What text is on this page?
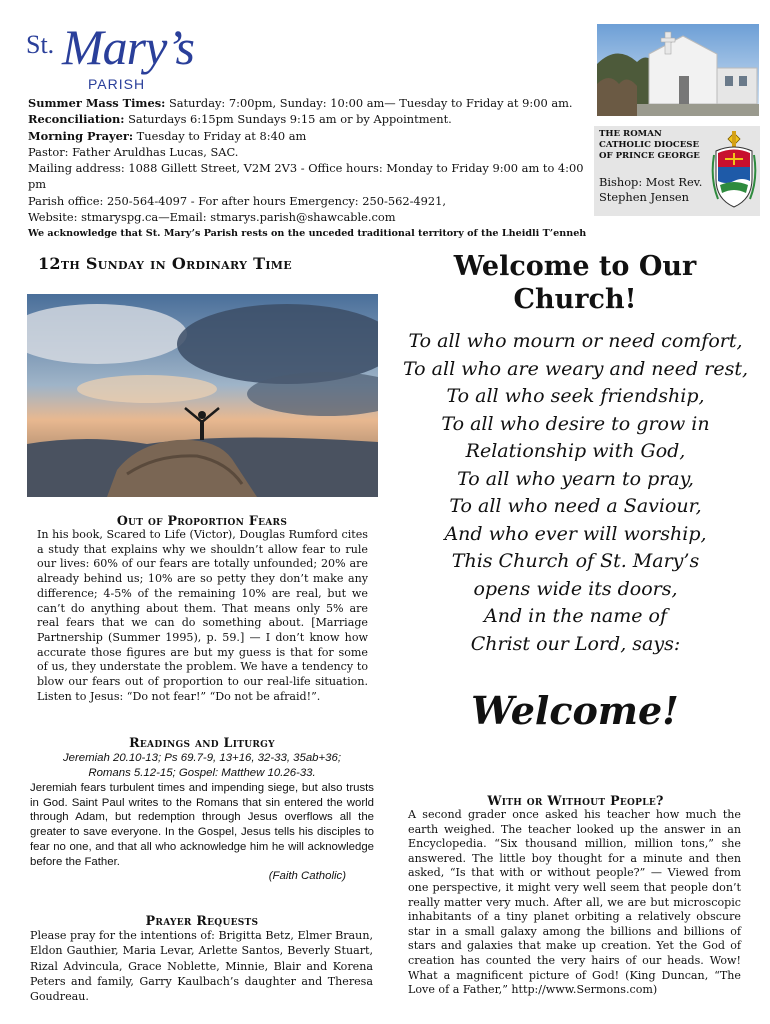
St. Mary’s
PARISH
Summer Mass Times: Saturday: 7:00pm, Sunday: 10:00 am— Tuesday to Friday at 9:00 am.
Reconciliation: Saturdays 6:15pm Sundays 9:15 am or by Appointment.
Morning Prayer: Tuesday to Friday at 8:40 am
Pastor: Father Aruldhas Lucas, SAC.
Mailing address: 1088 Gillett Street, V2M 2V3 - Office hours: Monday to Friday 9:00 am to 4:00 pm
Parish office: 250-564-4097 - For after hours Emergency: 250-562-4921,
Website: stmaryspg.ca—Email: stmarys.parish@shawcable.com
We acknowledge that St. Mary’s Parish rests on the unceded traditional territory of the Lheidli T’enneh
THE ROMAN CATHOLIC DIOCESE OF PRINCE GEORGE
Bishop: Most Rev. Stephen Jensen
12th Sunday in Ordinary Time
Out of Proportion Fears
In his book, Scared to Life (Victor), Douglas Rumford cites a study that explains why we shouldn’t allow fear to rule our lives: 60% of our fears are totally unfounded; 20% are already behind us; 10% are so petty they don’t make any difference; 4-5% of the remaining 10% are real, but we can’t do anything about them. That means only 5% are real fears that we can do something about. [Marriage Partnership (Summer 1995), p. 59.] — I don’t know how accurate those figures are but my guess is that for some of us, they understate the problem. We have a tendency to blow our fears out of proportion to our real-life situation. Listen to Jesus: “Do not fear!” “Do not be afraid!”.
Readings and Liturgy
Jeremiah 20.10-13; Ps 69.7-9, 13+16, 32-33, 35ab+36;
Romans 5.12-15; Gospel: Matthew 10.26-33.
Jeremiah fears turbulent times and impending siege, but also trusts in God. Saint Paul writes to the Romans that sin entered the world through Adam, but redemption through Jesus overflows all the greater to save everyone. In the Gospel, Jesus tells his disciples to fear no one, and that all who acknowledge him he will acknowledge before the Father.
(Faith Catholic)
Prayer Requests
Please pray for the intentions of: Brigitta Betz, Elmer Braun, Eldon Gauthier, Maria Levar, Arlette Santos, Beverly Stuart, Rizal Advincula, Grace Noblette, Minnie, Blair and Korena Peters and family, Garry Kaulbach’s daughter and Theresa Goudreau.
Welcome to Our
Church!
To all who mourn or need comfort,
To all who are weary and need rest,
To all who seek friendship,
To all who desire to grow in
Relationship with God,
To all who yearn to pray,
To all who need a Saviour,
And who ever will worship,
This Church of St. Mary’s
opens wide its doors,
And in the name of
Christ our Lord, says:
Welcome!
With or Without People?
A second grader once asked his teacher how much the earth weighed. The teacher looked up the answer in an Encyclopedia. “Six thousand million, million tons,” she answered. The little boy thought for a minute and then asked, “Is that with or without people?” — Viewed from one perspective, it might very well seem that people don’t really matter very much. After all, we are but microscopic inhabitants of a tiny planet orbiting a relatively obscure star in a small galaxy among the billions and billions of stars and galaxies that make up creation. Yet the God of creation has counted the very hairs of our heads. Wow! What a magnificent picture of God! (King Duncan, “The Love of a Father,” http://www.Sermons.com)
